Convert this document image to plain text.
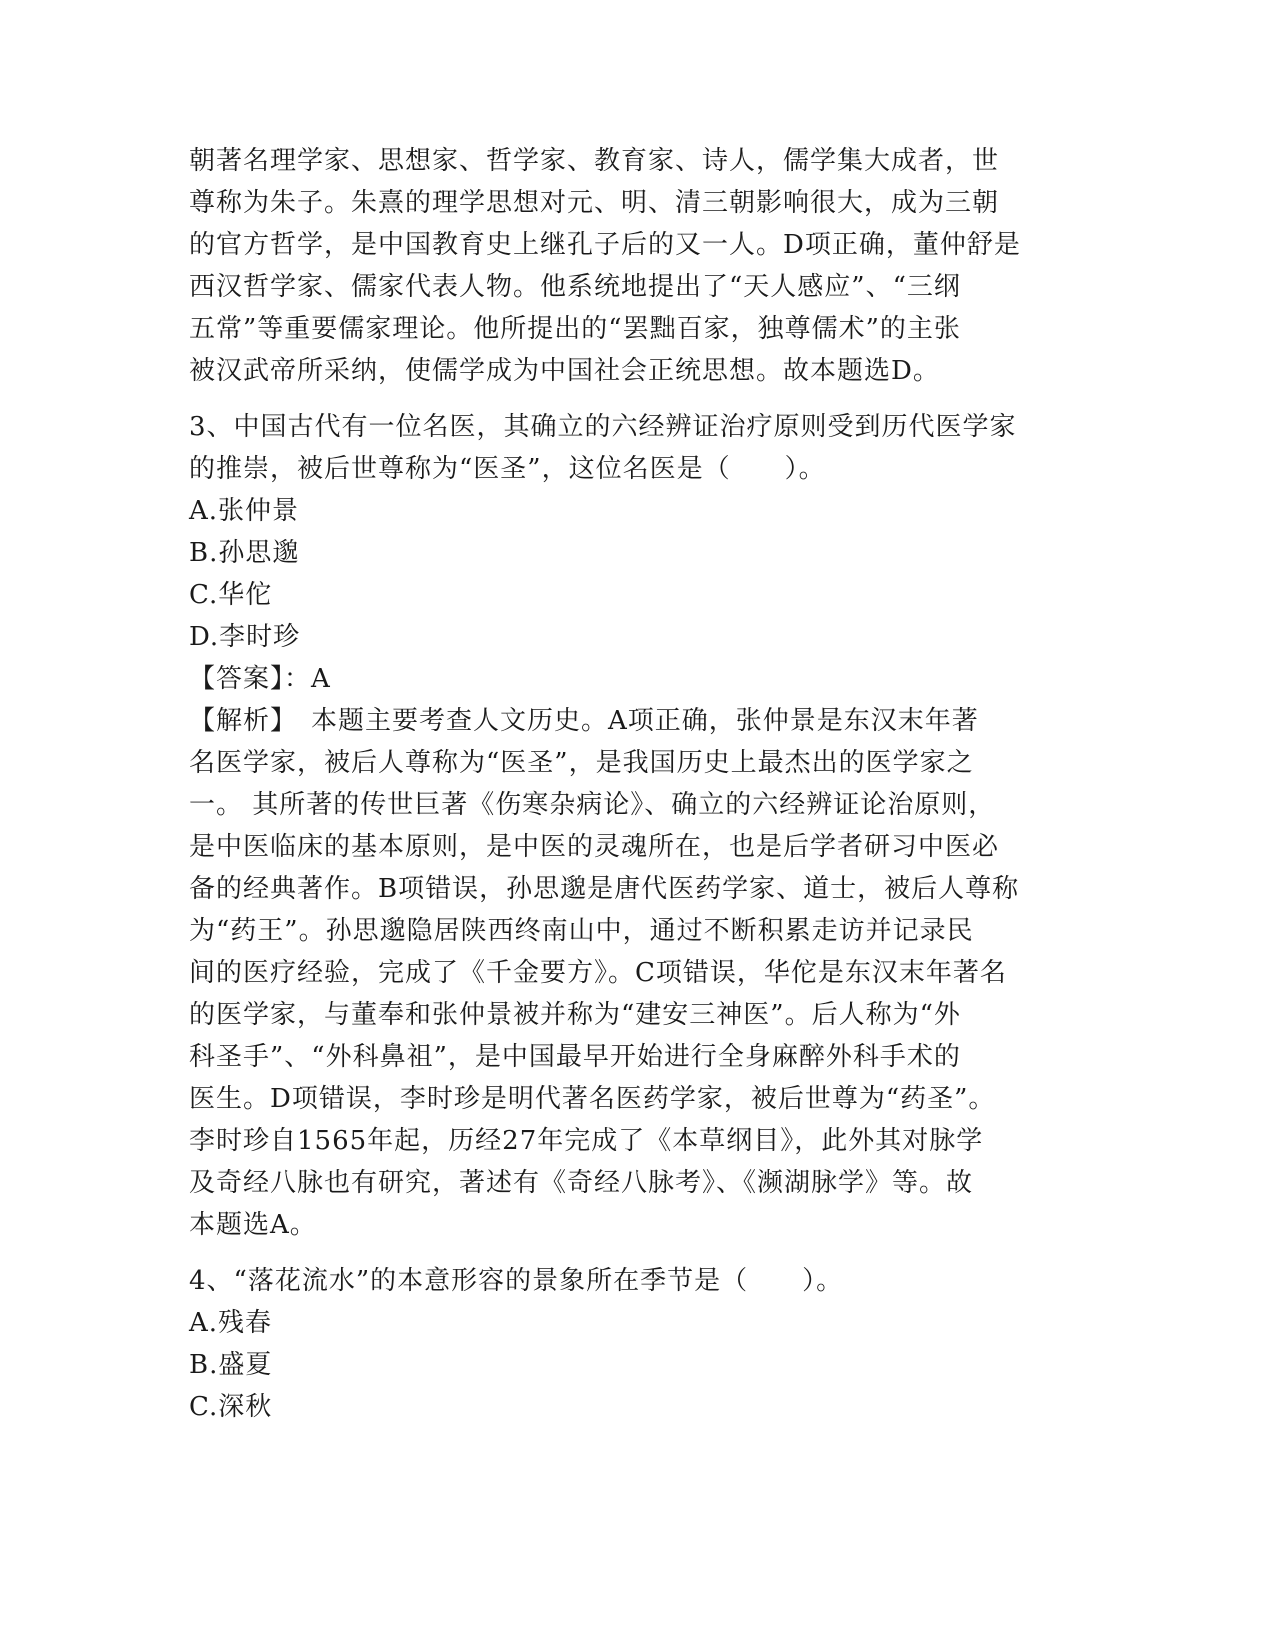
朝著名理学家、思想家、哲学家、教育家、诗人，儒学集大成者，世
尊称为朱子。朱熹的理学思想对元、明、清三朝影响很大，成为三朝
的官方哲学，是中国教育史上继孔子后的又一人。D项正确，董仲舒是
西汉哲学家、儒家代表人物。他系统地提出了“天人感应”、“三纲
五常”等重要儒家理论。他所提出的“罢黜百家，独尊儒术”的主张
被汉武帝所采纳，使儒学成为中国社会正统思想。故本题选D。
3、中国古代有一位名医，其确立的六经辨证治疗原则受到历代医学家
的推崇，被后世尊称为“医圣”，这位名医是（　　）。
A.张仲景
B.孙思邈
C.华佗
D.李时珍
【答案】：A
【解析】　本题主要考查人文历史。A项正确，张仲景是东汉末年著
名医学家，被后人尊称为“医圣”，是我国历史上最杰出的医学家之
一。 其所著的传世巨著《伤寒杂病论》、确立的六经辨证论治原则，
是中医临床的基本原则，是中医的灵魂所在，也是后学者研习中医必
备的经典著作。B项错误，孙思邈是唐代医药学家、道士，被后人尊称
为“药王”。孙思邈隐居陕西终南山中，通过不断积累走访并记录民
间的医疗经验，完成了《千金要方》。C项错误，华佗是东汉末年著名
的医学家，与董奉和张仲景被并称为“建安三神医”。后人称为“外
科圣手”、“外科鼻祖”，是中国最早开始进行全身麻醉外科手术的
医生。D项错误，李时珍是明代著名医药学家，被后世尊为“药圣”。
李时珍自1565年起，历经27年完成了《本草纲目》，此外其对脉学
及奇经八脉也有研究，著述有《奇经八脉考》、《濒湖脉学》等。故
本题选A。
4、“落花流水”的本意形容的景象所在季节是（　　）。
A.残春
B.盛夏
C.深秋
